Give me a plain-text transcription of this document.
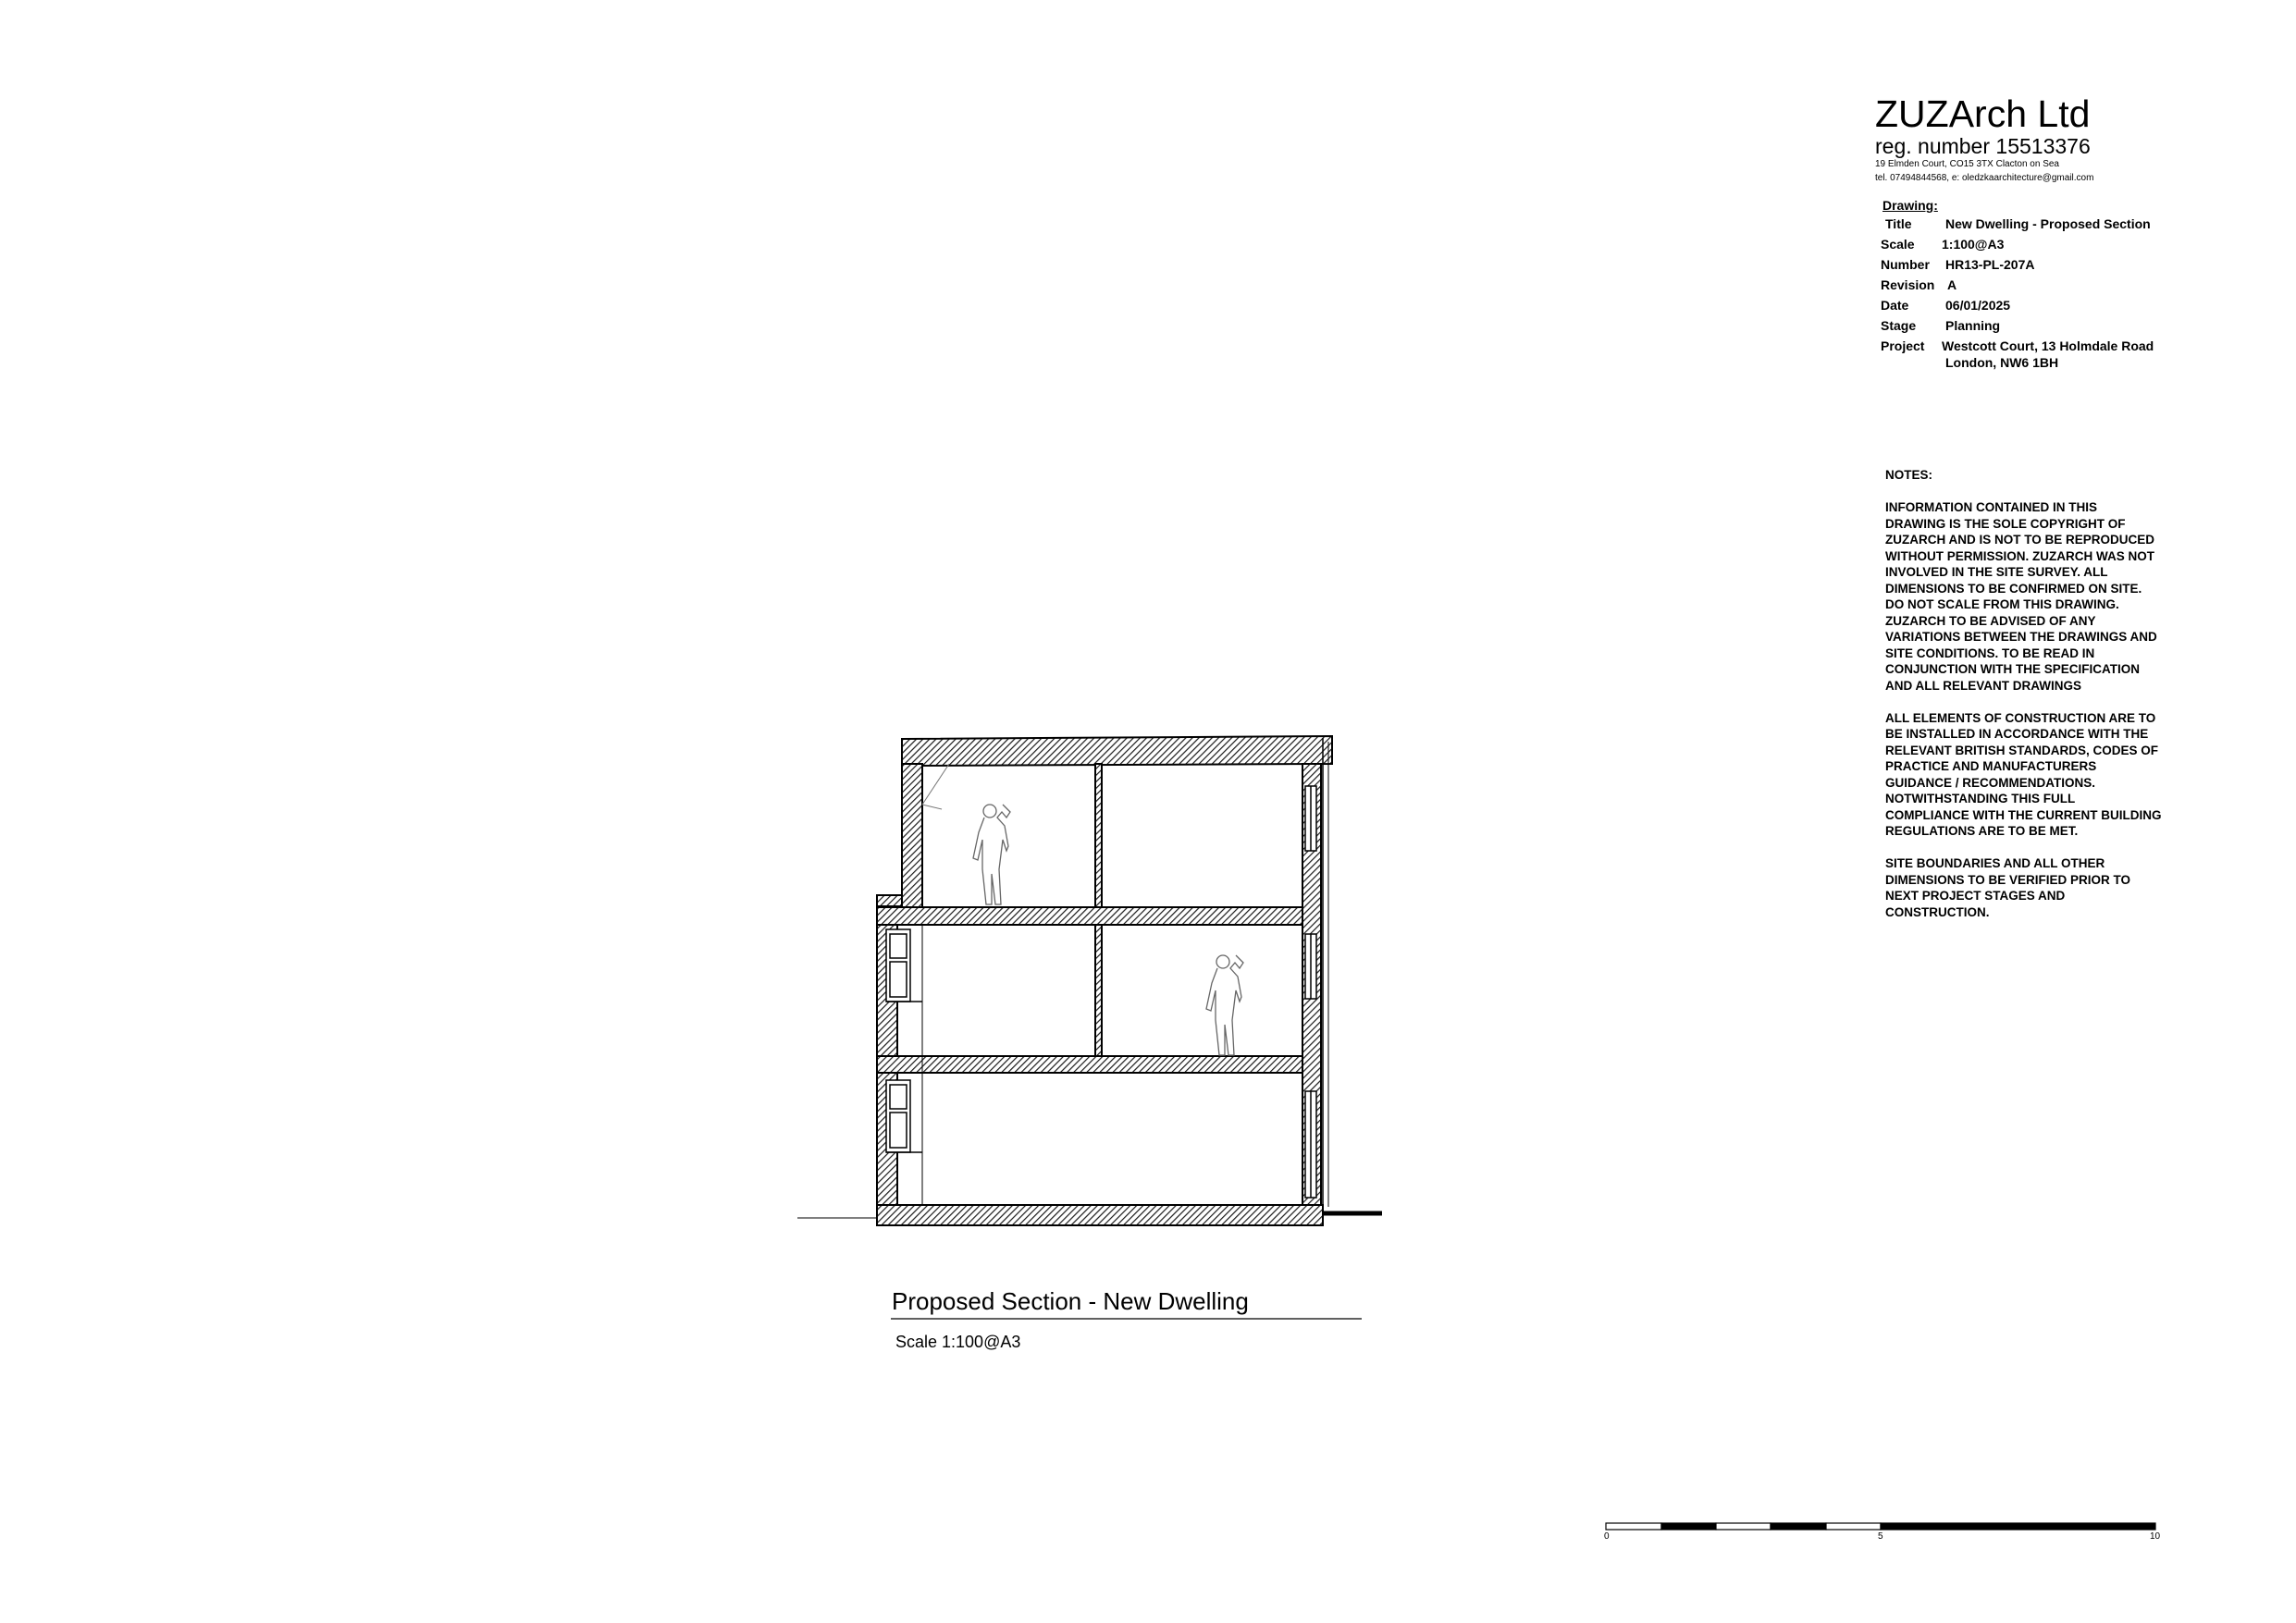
ZUZArch Ltd
reg. number 15513376
19 Elmden Court, CO15 3TX Clacton on Sea
tel. 07494844568, e: oledzkaarchitecture@gmail.com
Drawing:
Title	New Dwelling - Proposed Section
Scale 1:100@A3
Number HR13-PL-207A
Revision A
Date	06/01/2025
Stage Planning
Project Westcott Court, 13 Holmdale Road
London, NW6 1BH
NOTES:

INFORMATION CONTAINED IN THIS
DRAWING IS THE SOLE COPYRIGHT OF
ZUZARCH AND IS NOT TO BE REPRODUCED
WITHOUT PERMISSION. ZUZARCH WAS NOT
INVOLVED IN THE SITE SURVEY. ALL
DIMENSIONS TO BE CONFIRMED ON SITE.
DO NOT SCALE FROM THIS DRAWING.
ZUZARCH TO BE ADVISED OF ANY
VARIATIONS BETWEEN THE DRAWINGS AND
SITE CONDITIONS. TO BE READ IN
CONJUNCTION WITH THE SPECIFICATION
AND ALL RELEVANT DRAWINGS

ALL ELEMENTS OF CONSTRUCTION ARE TO
BE INSTALLED IN ACCORDANCE WITH THE
RELEVANT BRITISH STANDARDS, CODES OF
PRACTICE AND MANUFACTURERS
GUIDANCE / RECOMMENDATIONS.
NOTWITHSTANDING THIS FULL
COMPLIANCE WITH THE CURRENT BUILDING
REGULATIONS ARE TO BE MET.

SITE BOUNDARIES AND ALL OTHER
DIMENSIONS TO BE VERIFIED PRIOR TO
NEXT PROJECT STAGES AND
CONSTRUCTION.

Proposed Section - New Dwelling
Scale 1:100@A3
0	5	10
